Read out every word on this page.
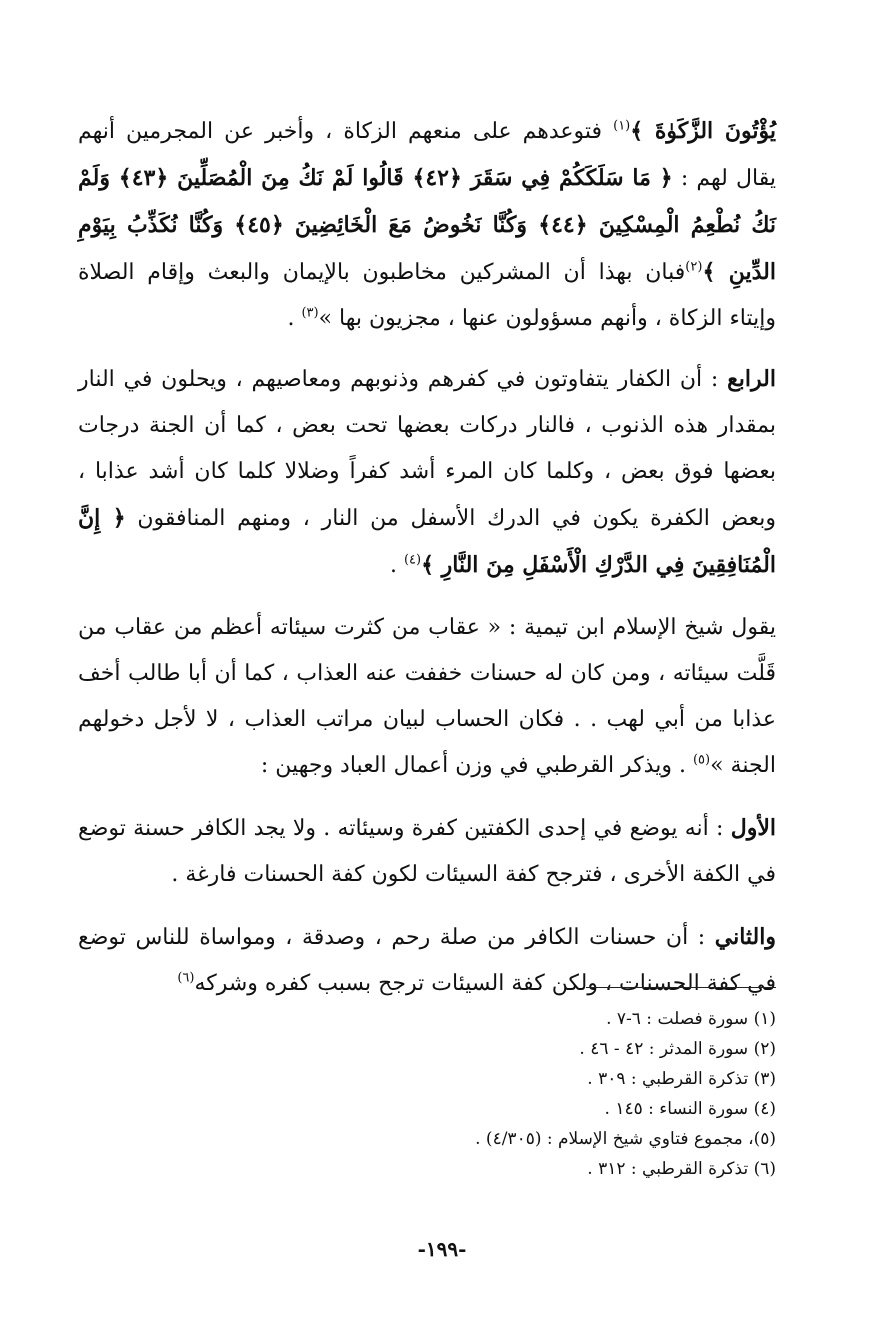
يُؤْتُونَ الزَّكَوٰةَ ﴾$^{(١)}$ فتوعدهم على منعهم الزكاة ، وأخبر عن المجرمين أنهم يقال لهم : ﴿ مَا سَلَكَكُمْ فِي سَقَرَ ﴿٤٢﴾ قَالُوا لَمْ نَكُ مِنَ الْمُصَلِّينَ ﴿٤٣﴾ وَلَمْ نَكُ نُطْعِمُ الْمِسْكِينَ ﴿٤٤﴾ وَكُنَّا نَخُوضُ مَعَ الْخَائِضِينَ ﴿٤٥﴾ وَكُنَّا نُكَذِّبُ بِيَوْمِ الدِّينِ ﴾$^{(٢)}$فبان بهذا أن المشركين مخاطبون بالإيمان والبعث وإقام الصلاة وإيتاء الزكاة ، وأنهم مسؤولون عنها ، مجزيون بها »$^{(٣)}$ .

الرابع : أن الكفار يتفاوتون في كفرهم وذنوبهم ومعاصيهم ، ويحلون في النار بمقدار هذه الذنوب ، فالنار دركات بعضها تحت بعض ، كما أن الجنة درجات بعضها فوق بعض ، وكلما كان المرء أشد كفراً وضلالا كلما كان أشد عذابا ، وبعض الكفرة يكون في الدرك الأسفل من النار ، ومنهم المنافقون ﴿ إِنَّ الْمُنَافِقِينَ فِي الدَّرْكِ الْأَسْفَلِ مِنَ النَّارِ ﴾$^{(٤)}$ .

يقول شيخ الإسلام ابن تيمية : « عقاب من كثرت سيئاته أعظم من عقاب من قَلَّت سيئاته ، ومن كان له حسنات خففت عنه العذاب ، كما أن أبا طالب أخف عذابا من أبي لهب . . فكان الحساب لبيان مراتب العذاب ، لا لأجل دخولهم الجنة »$^{(٥)}$ . ويذكر القرطبي في وزن أعمال العباد وجهين :

الأول : أنه يوضع في إحدى الكفتين كفرة وسيئاته . ولا يجد الكافر حسنة توضع في الكفة الأخرى ، فترجح كفة السيئات لكون كفة الحسنات فارغة .

والثاني : أن حسنات الكافر من صلة رحم ، وصدقة ، ومواساة للناس توضع في كفة الحسنات ، ولكن كفة السيئات ترجح بسبب كفره وشركه$^{(٦)}$

(١) سورة فصلت : ٦-٧ .
(٢) سورة المدثر : ٤٢ - ٤٦ .
(٣) تذكرة القرطبي : ٣٠٩ .
(٤) سورة النساء : ١٤٥ .
(٥)، مجموع فتاوي شيخ الإسلام : (٤/٣٠٥) .
(٦) تذكرة القرطبي : ٣١٢ .
-١٩٩-
